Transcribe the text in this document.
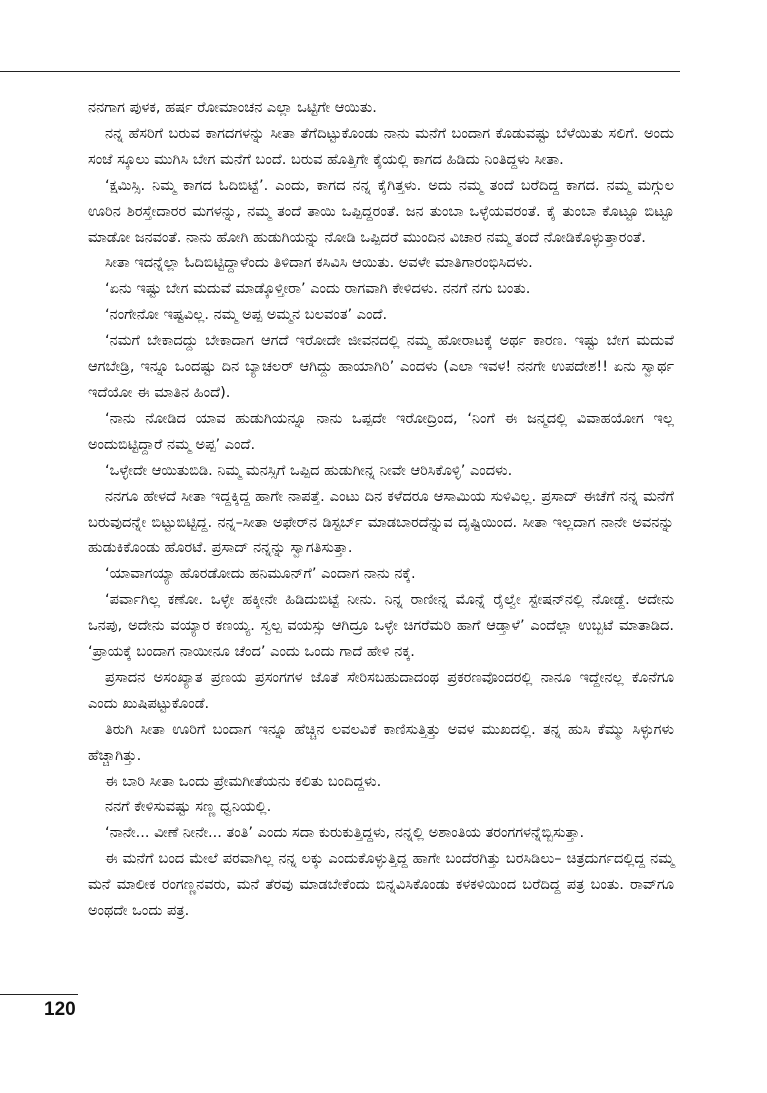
ನನಗಾಗ ಪುಳಕ, ಹರ್ಷ ರೋಮಾಂಚನ ಎಲ್ಲಾ ಒಟ್ಟಿಗೇ ಆಯಿತು.

ನನ್ನ ಹೆಸರಿಗೆ ಬರುವ ಕಾಗದಗಳನ್ನು ಸೀತಾ ತೆಗೆದಿಟ್ಟುಕೊಂಡು ನಾನು ಮನೆಗೆ ಬಂದಾಗ ಕೊಡುವಷ್ಟು ಬೆಳೆಯಿತು ಸಲಿಗೆ. ಅಂದು ಸಂಜೆ ಸ್ಕೂಲು ಮುಗಿಸಿ ಬೇಗ ಮನೆಗೆ ಬಂದೆ. ಬರುವ ಹೊತ್ತಿಗೇ ಕೈಯಲ್ಲಿ ಕಾಗದ ಹಿಡಿದು ನಿಂತಿದ್ದಳು ಸೀತಾ.

‘ಕ್ಷಮಿಸ್ಸಿ. ನಿಮ್ಮ ಕಾಗದ ಓದಿಬಿಟ್ಟೆ’. ಎಂದು, ಕಾಗದ ನನ್ನ ಕೈಗಿತ್ತಳು. ಅದು ನಮ್ಮ ತಂದೆ ಬರೆದಿದ್ದ ಕಾಗದ. ನಮ್ಮ ಮಗ್ಗುಲ ಊರಿನ ಶಿರಸ್ತೇದಾರರ ಮಗಳನ್ನು, ನಮ್ಮ ತಂದೆ ತಾಯಿ ಒಪ್ಪಿದ್ದರಂತೆ. ಜನ ತುಂಬಾ ಒಳ್ಳೆಯವರಂತೆ. ಕೈ ತುಂಬಾ ಕೊಟ್ಟೂ ಬಿಟ್ಟೂ ಮಾಡೋ ಜನವಂತೆ. ನಾನು ಹೋಗಿ ಹುಡುಗಿಯನ್ನು ನೋಡಿ ಒಪ್ಪಿದರೆ ಮುಂದಿನ ವಿಚಾರ ನಮ್ಮ ತಂದೆ ನೋಡಿಕೊಳ್ಳುತ್ತಾರಂತೆ.

ಸೀತಾ ಇದನ್ನೆಲ್ಲಾ ಓದಿಬಿಟ್ಟಿದ್ದಾಳೆಂದು ತಿಳಿದಾಗ ಕಸಿವಿಸಿ ಆಯಿತು. ಅವಳೇ ಮಾತಿಗಾರಂಭಿಸಿದಳು.

‘ಏನು ಇಷ್ಟು ಬೇಗ ಮದುವೆ ಮಾಡ್ಕೊಳ್ತೀರಾ’ ಎಂದು ರಾಗವಾಗಿ ಕೇಳಿದಳು. ನನಗೆ ನಗು ಬಂತು.

‘ನಂಗೇನೋ ಇಷ್ಟವಿಲ್ಲ. ನಮ್ಮ ಅಪ್ಪ ಅಮ್ಮನ ಬಲವಂತ’ ಎಂದೆ.

‘ನಮಗೆ ಬೇಕಾದದ್ದು ಬೇಕಾದಾಗ ಆಗದೆ ಇರೋದೇ ಜೀವನದಲ್ಲಿ ನಮ್ಮ ಹೋರಾಟಕ್ಕೆ ಅರ್ಥ ಕಾರಣ. ಇಷ್ಟು ಬೇಗ ಮದುವೆ ಆಗಬೇಡ್ರಿ, ಇನ್ನೂ ಒಂದಷ್ಟು ದಿನ ಬ್ಯಾಚಲರ್ ಆಗಿದ್ದು ಹಾಯಾಗಿರಿ’ ಎಂದಳು (ಎಲಾ ಇವಳ! ನನಗೇ ಉಪದೇಶ!! ಏನು ಸ್ವಾರ್ಥ ಇದೆಯೋ ಈ ಮಾತಿನ ಹಿಂದೆ).

‘ನಾನು ನೋಡಿದ ಯಾವ ಹುಡುಗಿಯನ್ನೂ ನಾನು ಒಪ್ಪದೇ ಇರೋದ್ರಿಂದ, ‘ನಿಂಗೆ ಈ ಜನ್ಮದಲ್ಲಿ ವಿವಾಹಯೋಗ ಇಲ್ಲ ಅಂದುಬಿಟ್ಟಿದ್ದಾರೆ ನಮ್ಮ ಅಪ್ಪ’ ಎಂದೆ.

‘ಒಳ್ಳೇದೇ ಆಯಿತುಬಿಡಿ. ನಿಮ್ಮ ಮನಸ್ಸಿಗೆ ಒಪ್ಪಿದ ಹುಡುಗೀನ್ನ ನೀವೇ ಆರಿಸಿಕೊಳ್ಳಿ’ ಎಂದಳು.

ನನಗೂ ಹೇಳದೆ ಸೀತಾ ಇದ್ದಕ್ಕಿದ್ದ ಹಾಗೇ ನಾಪತ್ತೆ. ಎಂಟು ದಿನ ಕಳೆದರೂ ಆಸಾಮಿಯ ಸುಳಿವಿಲ್ಲ. ಪ್ರಸಾದ್ ಈಚೆಗೆ ನನ್ನ ಮನೆಗೆ ಬರುವುದನ್ನೇ ಬಿಟ್ಟುಬಿಟ್ಟಿದ್ದ. ನನ್ನ–ಸೀತಾ ಅಫೇರ್‌ನ ಡಿಸ್ಟರ್ಬ್ ಮಾಡಬಾರದೆನ್ನುವ ದೃಷ್ಟಿಯಿಂದ. ಸೀತಾ ಇಲ್ಲದಾಗ ನಾನೇ ಅವನನ್ನು ಹುಡುಕಿಕೊಂಡು ಹೊರಟೆ. ಪ್ರಸಾದ್ ನನ್ನನ್ನು ಸ್ವಾಗತಿಸುತ್ತಾ.

‘ಯಾವಾಗಯ್ಯಾ ಹೊರಡೋದು ಹನಿಮೂನ್‌ಗೆ’ ಎಂದಾಗ ನಾನು ನಕ್ಕೆ.

‘ಪರ್ವಾಗಿಲ್ಲ ಕಣೋ. ಒಳ್ಳೇ ಹಕ್ಕೀನೇ ಹಿಡಿದುಬಿಟ್ಟೆ ನೀನು. ನಿನ್ನ ರಾಣೀನ್ನ ಮೊನ್ನೆ ರೈಲ್ವೇ ಸ್ಟೇಷನ್‌ನಲ್ಲಿ ನೋಡ್ದೆ. ಅದೇನು ಒನಪು, ಅದೇನು ವಯ್ಯಾರ ಕಣಯ್ಯ. ಸ್ವಲ್ಪ ವಯಸ್ಸು ಆಗಿದ್ರೂ ಒಳ್ಳೇ ಚಿಗರೆಮರಿ ಹಾಗೆ ಆಡ್ತಾಳೆ’ ಎಂದೆಲ್ಲಾ ಉಬ್ಬಟೆ ಮಾತಾಡಿದ. ‘ಪ್ರಾಯಕ್ಕೆ ಬಂದಾಗ ನಾಯೀನೂ ಚೆಂದ’ ಎಂದು ಒಂದು ಗಾದೆ ಹೇಳಿ ನಕ್ಕ.

ಪ್ರಸಾದನ ಅಸಂಖ್ಯಾತ ಪ್ರಣಯ ಪ್ರಸಂಗಗಳ ಜೊತೆ ಸೇರಿಸಬಹುದಾದಂಥ ಪ್ರಕರಣವೊಂದರಲ್ಲಿ ನಾನೂ ಇದ್ದೇನಲ್ಲ ಕೊನೆಗೂ ಎಂದು ಖುಷಿಪಟ್ಟುಕೊಂಡೆ.

ತಿರುಗಿ ಸೀತಾ ಊರಿಗೆ ಬಂದಾಗ ಇನ್ನೂ ಹೆಚ್ಚಿನ ಲವಲವಿಕೆ ಕಾಣಿಸುತ್ತಿತ್ತು ಅವಳ ಮುಖದಲ್ಲಿ. ತನ್ನ ಹುಸಿ ಕೆಮ್ಮು ಸಿಳ್ಳುಗಳು ಹೆಚ್ಚಾಗಿತ್ತು.

ಈ ಬಾರಿ ಸೀತಾ ಒಂದು ಪ್ರೇಮಗೀತೆಯನು ಕಲಿತು ಬಂದಿದ್ದಳು.

ನನಗೆ ಕೇಳಿಸುವಷ್ಟು ಸಣ್ಣ ಧ್ವನಿಯಲ್ಲಿ.

‘ನಾನೇ... ವೀಣೆ ನೀನೇ... ತಂತಿ’ ಎಂದು ಸದಾ ಕುರುಕುತ್ತಿದ್ದಳು, ನನ್ನಲ್ಲಿ ಅಶಾಂತಿಯ ತರಂಗಗಳನ್ನೆಬ್ಬಿಸುತ್ತಾ.

ಈ ಮನೆಗೆ ಬಂದ ಮೇಲೆ ಪರವಾಗಿಲ್ಲ ನನ್ನ ಲಕ್ಕು ಎಂದುಕೊಳ್ಳುತ್ತಿದ್ದ ಹಾಗೇ ಬಂದೆರಗಿತ್ತು ಬರಸಿಡಿಲು– ಚಿತ್ರದುರ್ಗದಲ್ಲಿದ್ದ ನಮ್ಮ ಮನೆ ಮಾಲೀಕ ರಂಗಣ್ಣನವರು, ಮನೆ ತೆರವು ಮಾಡಬೇಕೆಂದು ಬಿನ್ನವಿಸಿಕೊಂಡು ಕಳಕಳಿಯಿಂದ ಬರೆದಿದ್ದ ಪತ್ರ ಬಂತು. ರಾವ್‌ಗೂ ಅಂಥದೇ ಒಂದು ಪತ್ರ.

120
